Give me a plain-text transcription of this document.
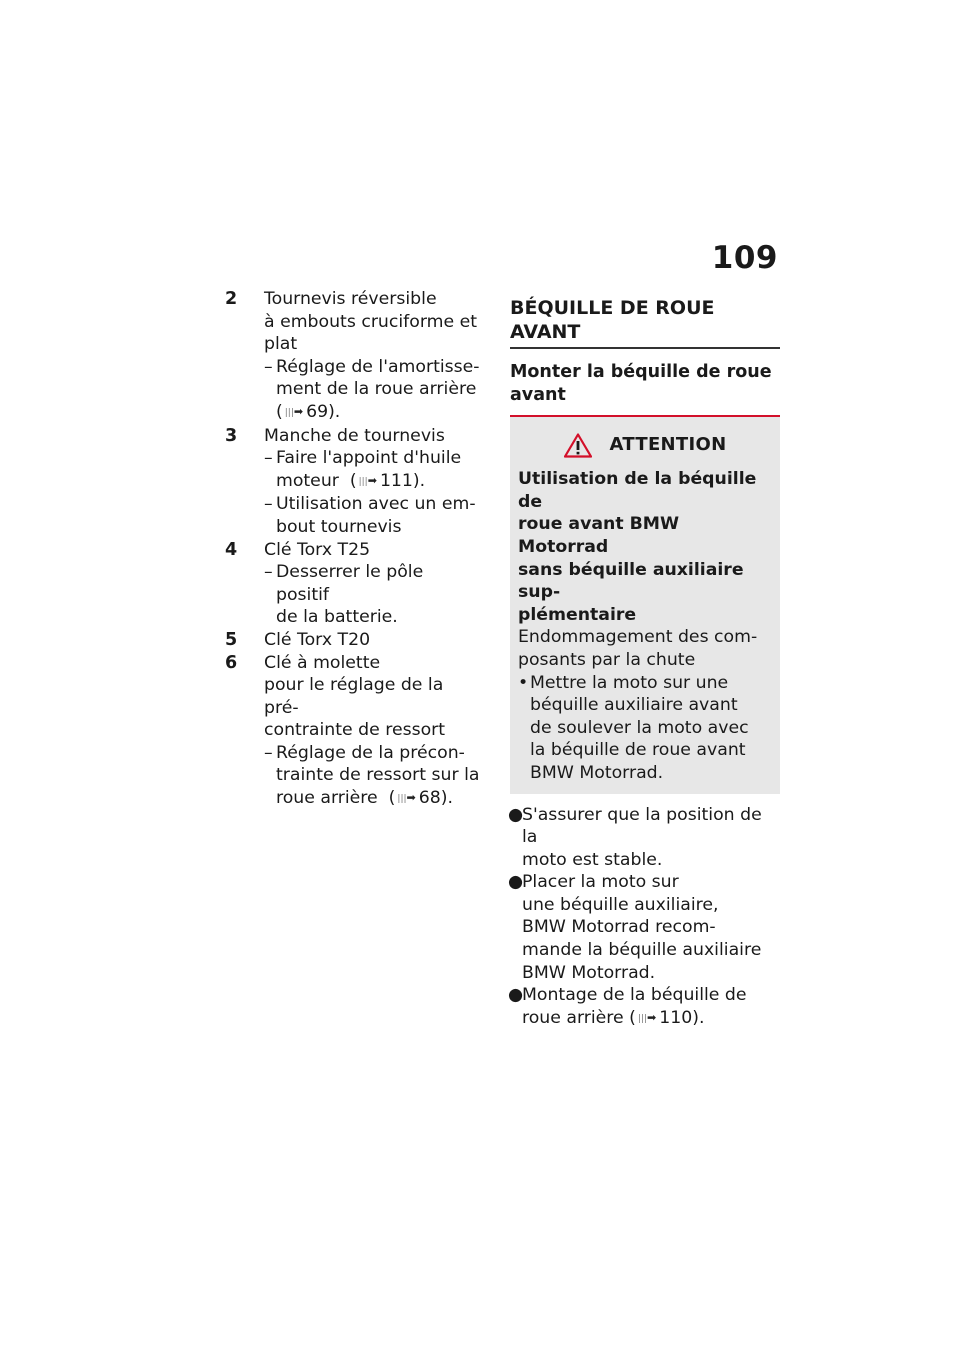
109
2 Tournevis réversible
à embouts cruciforme et
plat
– Réglage de l'amortisse-
ment de la roue arrière
( |||➡ 69).
3 Manche de tournevis
– Faire l'appoint d'huile
moteur  ( |||➡ 111).
– Utilisation avec un em-
bout tournevis
4 Clé Torx T25
– Desserrer le pôle positif
de la batterie.
5 Clé Torx T20
6 Clé à molette
pour le réglage de la pré-
contrainte de ressort
– Réglage de la précon-
trainte de ressort sur la
roue arrière  ( |||➡ 68).
BÉQUILLE DE ROUE AVANT
Monter la béquille de roue avant
ATTENTION
Utilisation de la béquille de
roue avant BMW Motorrad
sans béquille auxiliaire sup-
plémentaire
Endommagement des com-
posants par la chute
• Mettre la moto sur une
béquille auxiliaire avant
de soulever la moto avec
la béquille de roue avant
BMW Motorrad.
●
S'assurer que la position de la
moto est stable.
●
Placer la moto sur
une béquille auxiliaire,
BMW Motorrad recom-
mande la béquille auxiliaire
BMW Motorrad.
●
Montage de la béquille de
roue arrière ( |||➡ 110).
